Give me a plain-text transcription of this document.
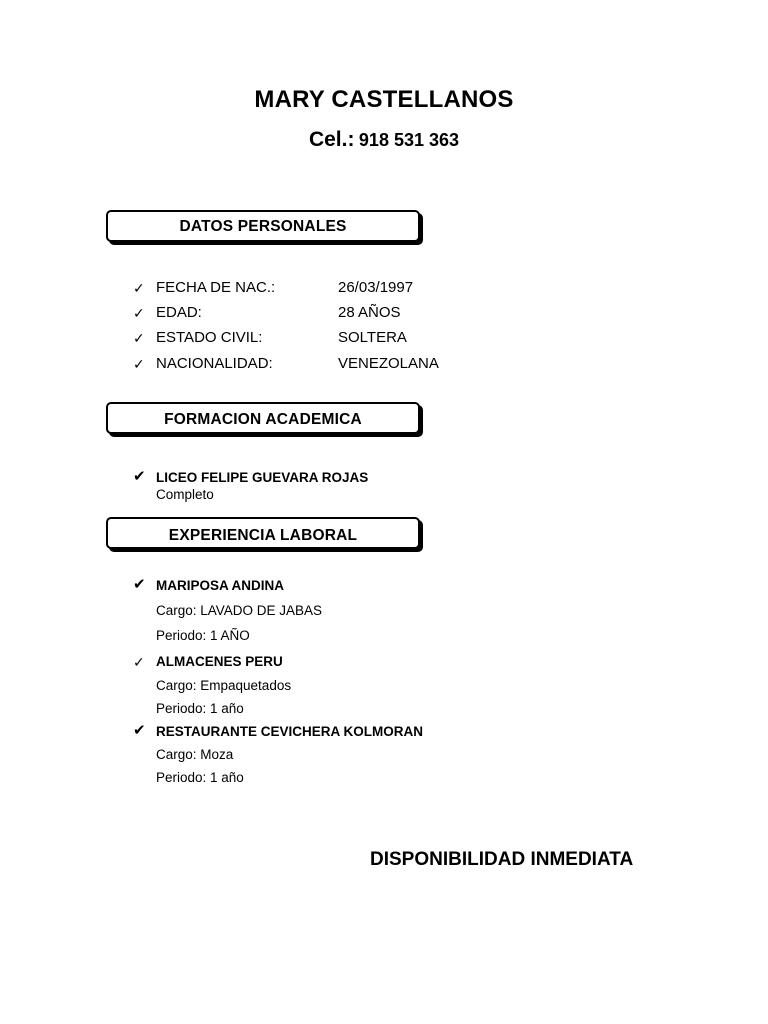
MARY CASTELLANOS
Cel.: 918 531 363
DATOS PERSONALES
✓ FECHA DE NAC.:	26/03/1997
✓ EDAD:	28 AÑOS
✓ ESTADO CIVIL:	SOLTERA
✓ NACIONALIDAD:	VENEZOLANA
FORMACION ACADEMICA
✔ LICEO FELIPE GUEVARA ROJAS
Completo
EXPERIENCIA LABORAL
✔ MARIPOSA ANDINA
Cargo: LAVADO DE JABAS
Periodo: 1 AÑO
✓ ALMACENES PERU
Cargo: Empaquetados
Periodo: 1 año
✔ RESTAURANTE CEVICHERA KOLMORAN
Cargo: Moza
Periodo: 1 año
DISPONIBILIDAD INMEDIATA
